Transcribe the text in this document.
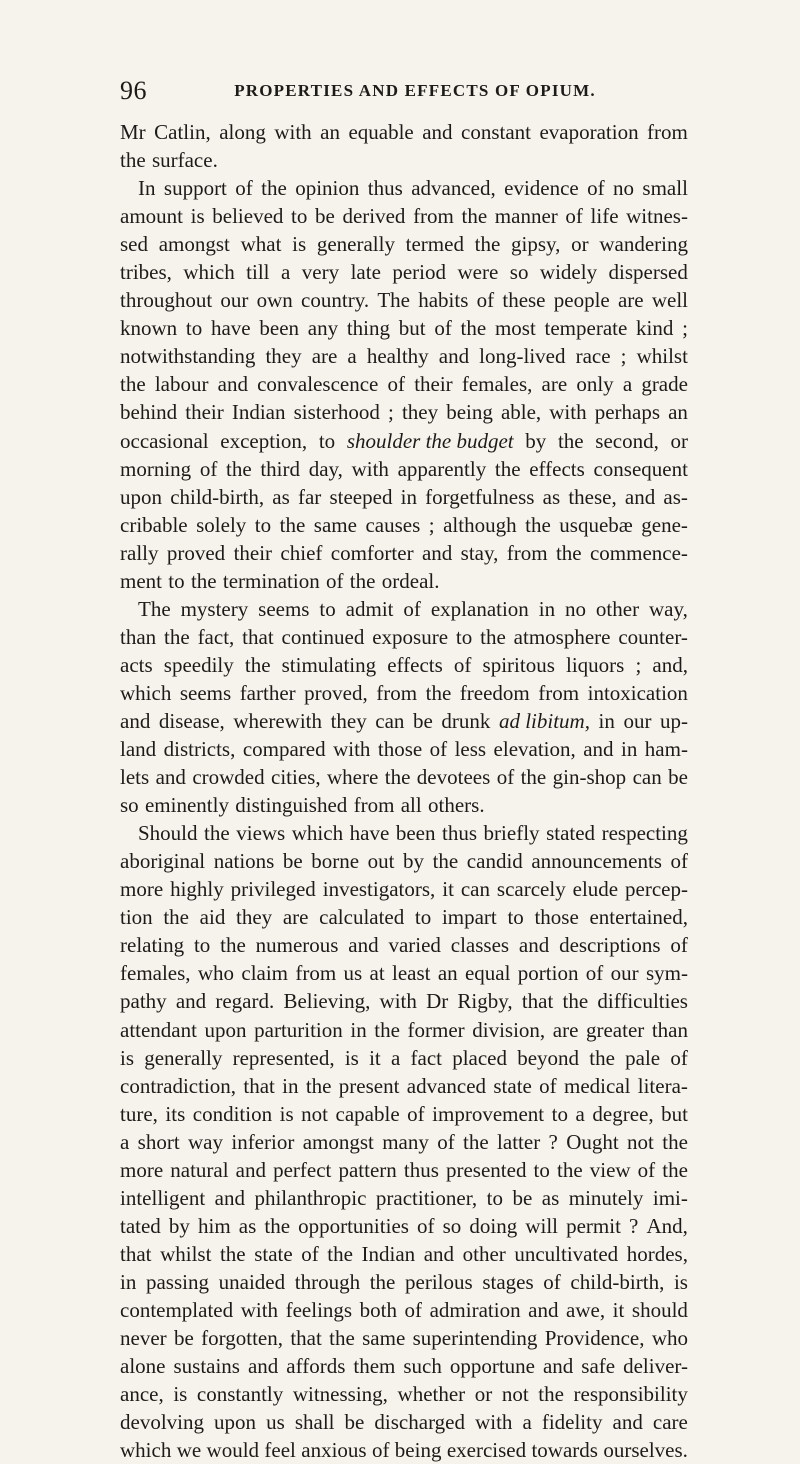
96	PROPERTIES AND EFFECTS OF OPIUM.
Mr Catlin, along with an equable and constant evaporation from
the surface.
In support of the opinion thus advanced, evidence of no small
amount is believed to be derived from the manner of life witnes-
sed amongst what is generally termed the gipsy, or wandering
tribes, which till a very late period were so widely dispersed
throughout our own country. The habits of these people are well
known to have been any thing but of the most temperate kind ;
notwithstanding they are a healthy and long-lived race ; whilst
the labour and convalescence of their females, are only a grade
behind their Indian sisterhood ; they being able, with perhaps an
occasional exception, to shoulder the budget by the second, or
morning of the third day, with apparently the effects consequent
upon child-birth, as far steeped in forgetfulness as these, and as-
cribable solely to the same causes ; although the usquebæ gene-
rally proved their chief comforter and stay, from the commence-
ment to the termination of the ordeal.
The mystery seems to admit of explanation in no other way,
than the fact, that continued exposure to the atmosphere counter-
acts speedily the stimulating effects of spiritous liquors ; and,
which seems farther proved, from the freedom from intoxication
and disease, wherewith they can be drunk ad libitum, in our up-
land districts, compared with those of less elevation, and in ham-
lets and crowded cities, where the devotees of the gin-shop can be
so eminently distinguished from all others.
Should the views which have been thus briefly stated respecting
aboriginal nations be borne out by the candid announcements of
more highly privileged investigators, it can scarcely elude percep-
tion the aid they are calculated to impart to those entertained,
relating to the numerous and varied classes and descriptions of
females, who claim from us at least an equal portion of our sym-
pathy and regard. Believing, with Dr Rigby, that the difficulties
attendant upon parturition in the former division, are greater than
is generally represented, is it a fact placed beyond the pale of
contradiction, that in the present advanced state of medical litera-
ture, its condition is not capable of improvement to a degree, but
a short way inferior amongst many of the latter ? Ought not the
more natural and perfect pattern thus presented to the view of the
intelligent and philanthropic practitioner, to be as minutely imi-
tated by him as the opportunities of so doing will permit ? And,
that whilst the state of the Indian and other uncultivated hordes,
in passing unaided through the perilous stages of child-birth, is
contemplated with feelings both of admiration and awe, it should
never be forgotten, that the same superintending Providence, who
alone sustains and affords them such opportune and safe deliver-
ance, is constantly witnessing, whether or not the responsibility
devolving upon us shall be discharged with a fidelity and care
which we would feel anxious of being exercised towards ourselves.
